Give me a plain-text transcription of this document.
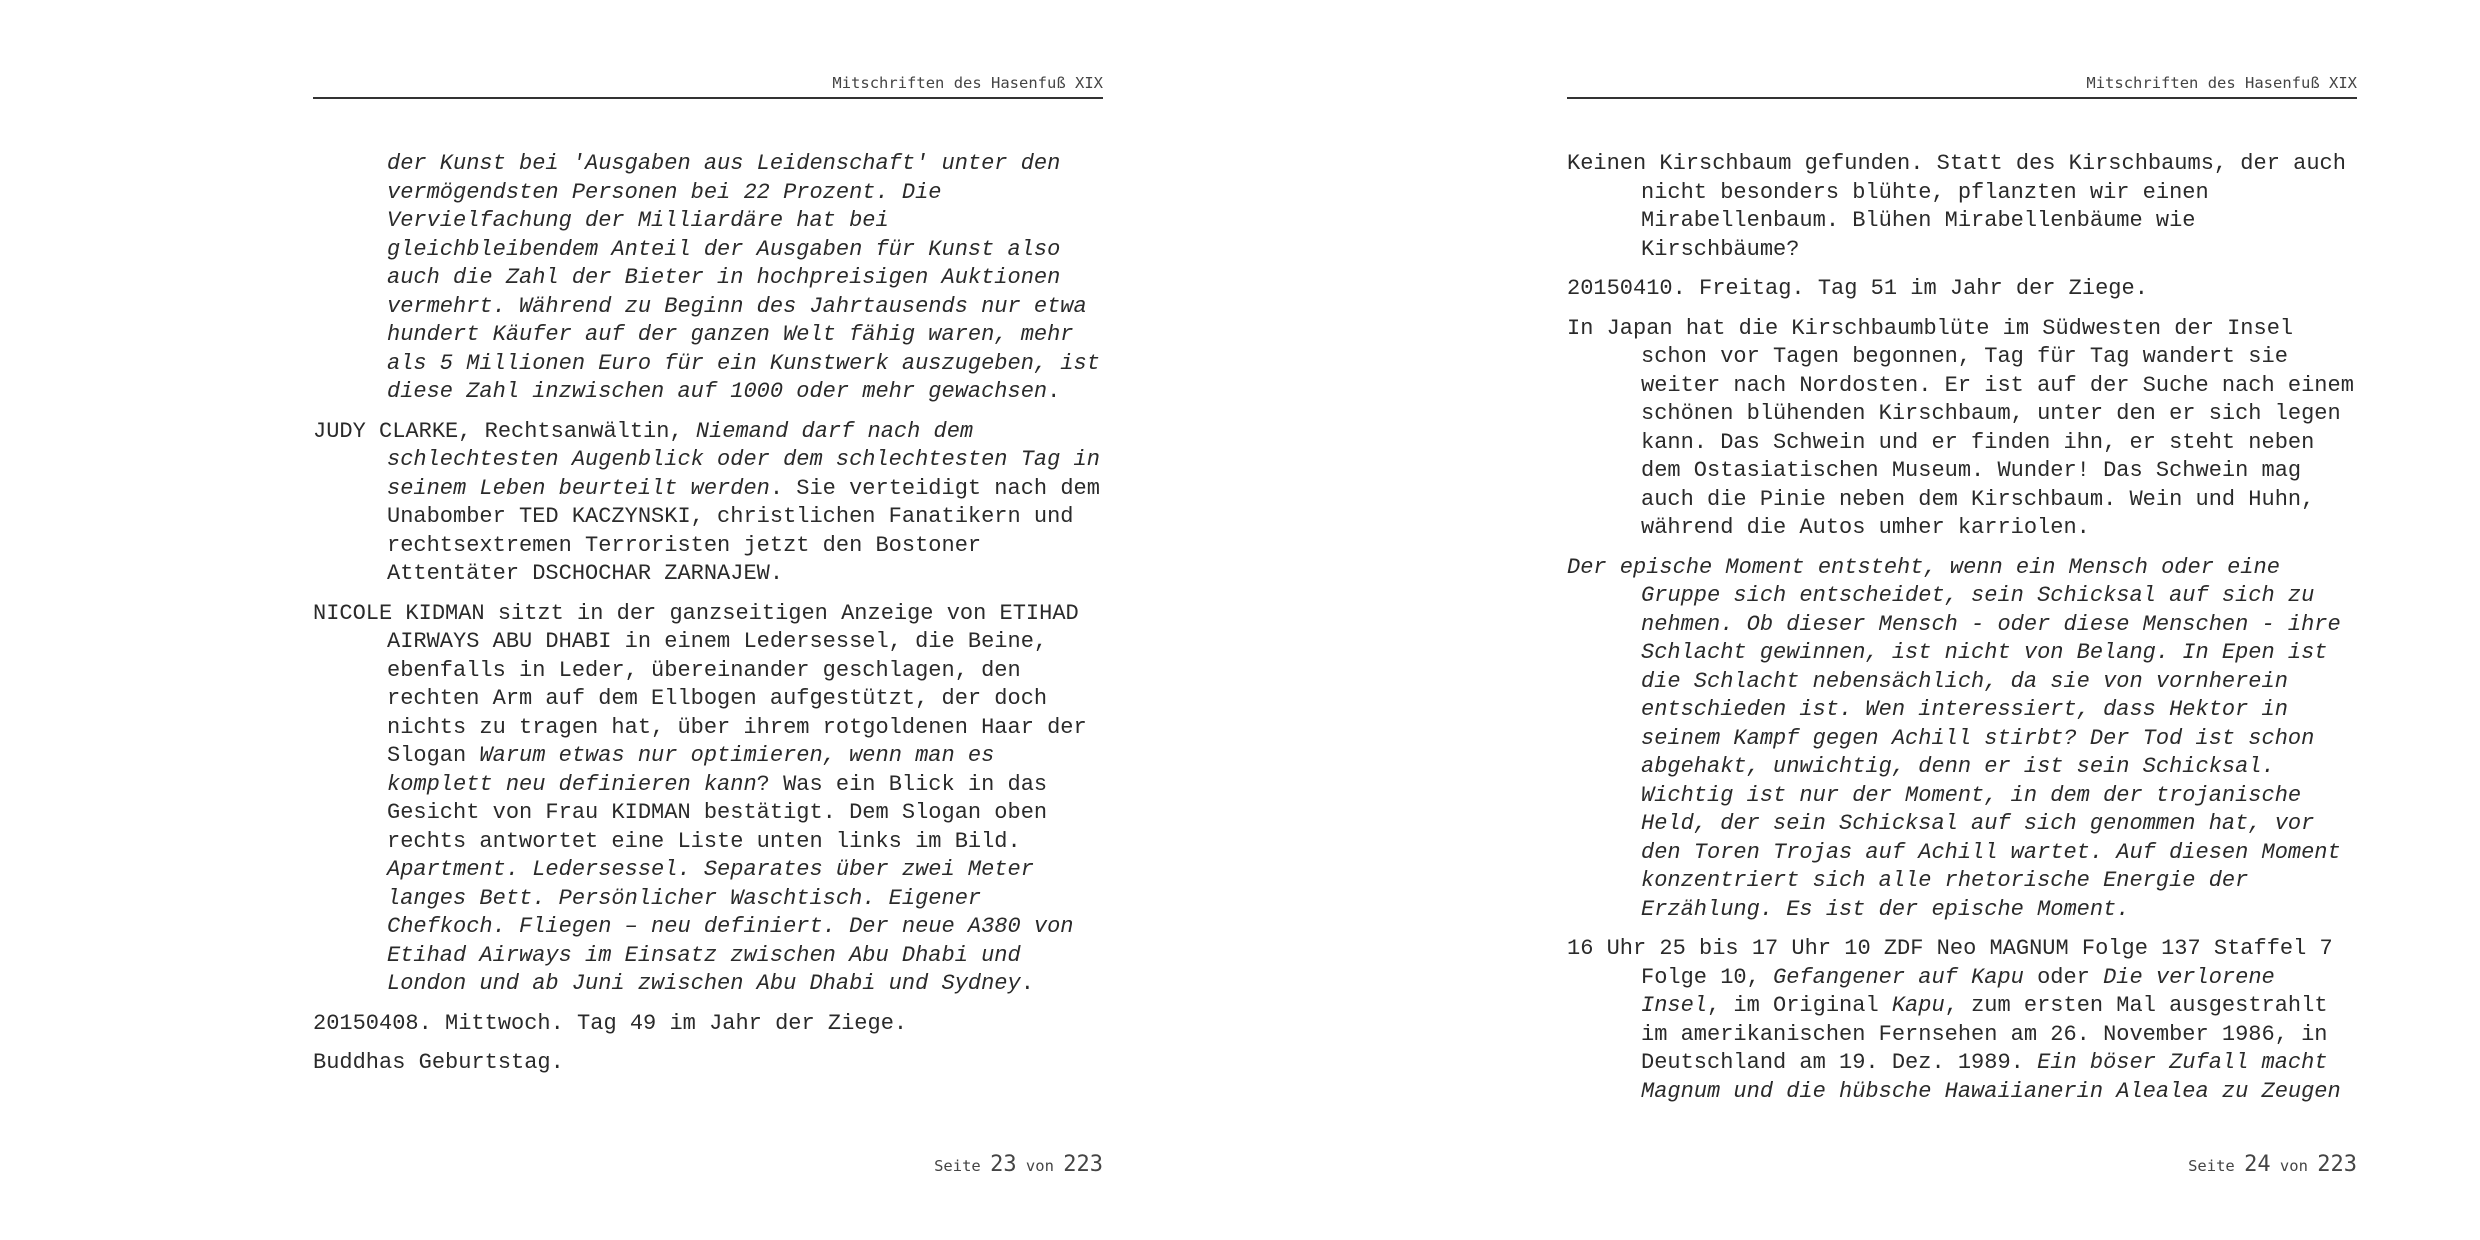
Mitschriften des Hasenfuß XIX

der Kunst bei 'Ausgaben aus Leidenschaft' unter den vermögendsten Personen bei 22 Prozent. Die Vervielfachung der Milliardäre hat bei gleichbleibendem Anteil der Ausgaben für Kunst also auch die Zahl der Bieter in hochpreisigen Auktionen vermehrt. Während zu Beginn des Jahrtausends nur etwa hundert Käufer auf der ganzen Welt fähig waren, mehr als 5 Millionen Euro für ein Kunstwerk auszugeben, ist diese Zahl inzwischen auf 1000 oder mehr gewachsen.

JUDY CLARKE, Rechtsanwältin, Niemand darf nach dem schlechtesten Augenblick oder dem schlechtesten Tag in seinem Leben beurteilt werden. Sie verteidigt nach dem Unabomber TED KACZYNSKI, christlichen Fanatikern und rechtsextremen Terroristen jetzt den Bostoner Attentäter DSCHOCHAR ZARNAJEW.

NICOLE KIDMAN sitzt in der ganzseitigen Anzeige von ETIHAD AIRWAYS ABU DHABI in einem Ledersessel, die Beine, ebenfalls in Leder, übereinander geschlagen, den rechten Arm auf dem Ellbogen aufgestützt, der doch nichts zu tragen hat, über ihrem rotgoldenen Haar der Slogan Warum etwas nur optimieren, wenn man es komplett neu definieren kann? Was ein Blick in das Gesicht von Frau KIDMAN bestätigt. Dem Slogan oben rechts antwortet eine Liste unten links im Bild. Apartment. Ledersessel. Separates über zwei Meter langes Bett. Persönlicher Waschtisch. Eigener Chefkoch. Fliegen – neu definiert. Der neue A380 von Etihad Airways im Einsatz zwischen Abu Dhabi und London und ab Juni zwischen Abu Dhabi und Sydney.

20150408. Mittwoch. Tag 49 im Jahr der Ziege.

Buddhas Geburtstag.

Seite 23 von 223
Mitschriften des Hasenfuß XIX

Keinen Kirschbaum gefunden. Statt des Kirschbaums, der auch nicht besonders blühte, pflanzten wir einen Mirabellenbaum. Blühen Mirabellenbäume wie Kirschbäume?

20150410. Freitag. Tag 51 im Jahr der Ziege.

In Japan hat die Kirschbaumblüte im Südwesten der Insel schon vor Tagen begonnen, Tag für Tag wandert sie weiter nach Nordosten. Er ist auf der Suche nach einem schönen blühenden Kirschbaum, unter den er sich legen kann. Das Schwein und er finden ihn, er steht neben dem Ostasiatischen Museum. Wunder! Das Schwein mag auch die Pinie neben dem Kirschbaum. Wein und Huhn, während die Autos umher karriolen.

Der epische Moment entsteht, wenn ein Mensch oder eine Gruppe sich entscheidet, sein Schicksal auf sich zu nehmen. Ob dieser Mensch - oder diese Menschen - ihre Schlacht gewinnen, ist nicht von Belang. In Epen ist die Schlacht nebensächlich, da sie von vornherein entschieden ist. Wen interessiert, dass Hektor in seinem Kampf gegen Achill stirbt? Der Tod ist schon abgehakt, unwichtig, denn er ist sein Schicksal. Wichtig ist nur der Moment, in dem der trojanische Held, der sein Schicksal auf sich genommen hat, vor den Toren Trojas auf Achill wartet. Auf diesen Moment konzentriert sich alle rhetorische Energie der Erzählung. Es ist der epische Moment.

16 Uhr 25 bis 17 Uhr 10 ZDF Neo MAGNUM Folge 137 Staffel 7 Folge 10, Gefangener auf Kapu oder Die verlorene Insel, im Original Kapu, zum ersten Mal ausgestrahlt im amerikanischen Fernsehen am 26. November 1986, in Deutschland am 19. Dez. 1989. Ein böser Zufall macht Magnum und die hübsche Hawaiianerin Alealea zu Zeugen

Seite 24 von 223
